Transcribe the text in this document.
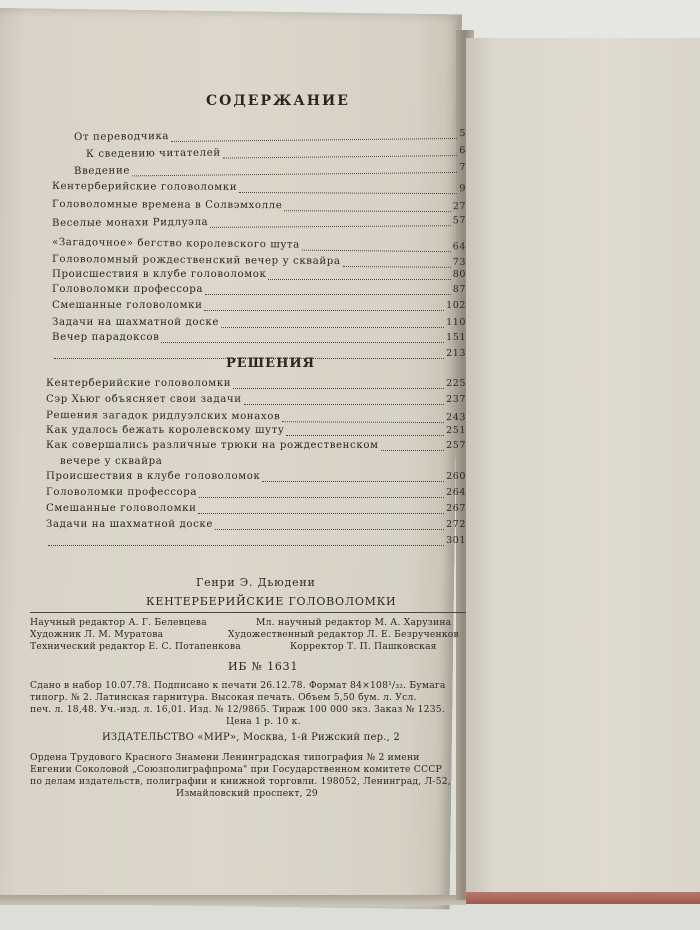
СОДЕРЖАНИЕ
От переводчика	5
К сведению читателей	6
Введение	7
Кентерберийские головоломки	9
Головоломные времена в Солвэмхолле	27
Веселые монахи Ридлуэла	57
«Загадочное» бегство королевского шута	64
Головоломный рождественский вечер у сквайра	73
Происшествия в клубе головоломок	80
Головоломки профессора	87
Смешанные головоломки	102
Задачи на шахматной доске	110
Вечер парадоксов	151
213
РЕШЕНИЯ
Кентерберийские головоломки	225
Сэр Хьюг объясняет свои задачи	237
Решения загадок ридлуэлских монахов	243
Как удалось бежать королевскому шуту	251
Как совершались различные трюки на рождественском	257
вечере у сквайра
Происшествия в клубе головоломок	260
Головоломки профессора	264
Смешанные головоломки	267
Задачи на шахматной доске	272
301
Генри Э. Дьюдени
КЕНТЕРБЕРИЙСКИЕ ГОЛОВОЛОМКИ
Научный редактор А. Г. Белевцева	Мл. научный редактор М. А. Харузина
Художник Л. М. Муратова	Художественный редактор Л. Е. Безрученков
Технический редактор Е. С. Потапенкова	Корректор Т. П. Пашковская
ИБ № 1631
Сдано в набор 10.07.78. Подписано к печати 26.12.78. Формат 84×108¹/₃₂. Бумага
типогр. № 2. Латинская гарнитура. Высокая печать. Объем 5,50 бум. л. Усл.
печ. л. 18,48. Уч.-изд. л. 16,01. Изд. № 12/9865. Тираж 100 000 экз. Заказ № 1235.
Цена 1 р. 10 к.
ИЗДАТЕЛЬСТВО «МИР», Москва, 1-й Рижский пер., 2
Ордена Трудового Красного Знамени Ленинградская типография № 2 имени
Евгении Соколовой „Союзполиграфпрома" при Государственном комитете СССР
по делам издательств, полиграфии и книжной торговли. 198052, Ленинград, Л-52,
Измайловский проспект, 29
